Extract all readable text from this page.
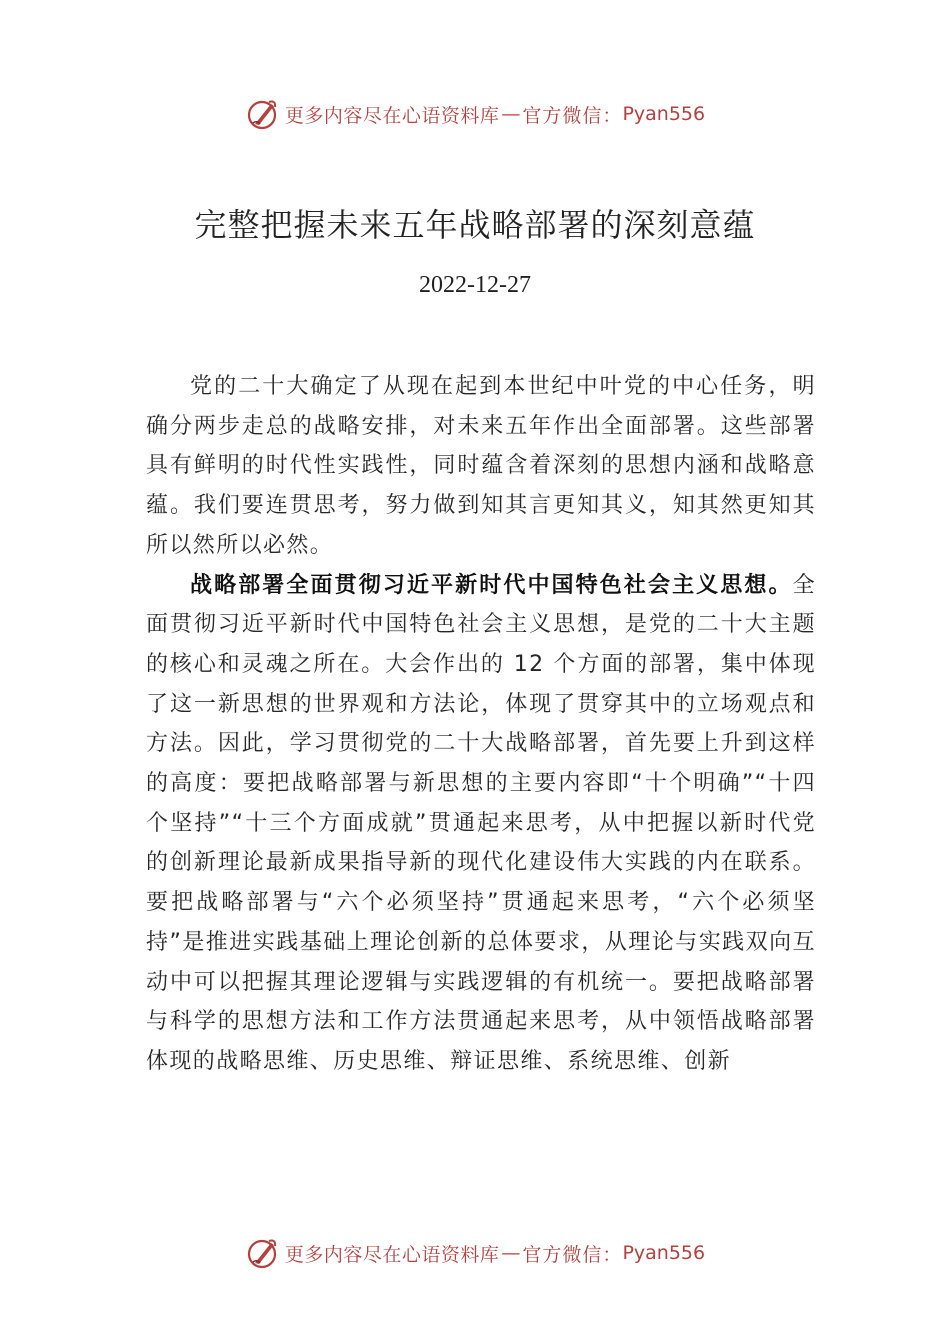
更多内容尽在心语资料库 — 官方微信： Pyan556
完整把握未来五年战略部署的深刻意蕴
2022-12-27

党的二十大确定了从现在起到本世纪中叶党的中心任务，明确分两步走总的战略安排，对未来五年作出全面部署。这些部署具有鲜明的时代性实践性，同时蕴含着深刻的思想内涵和战略意蕴。我们要连贯思考，努力做到知其言更知其义，知其然更知其所以然所以必然。

战略部署全面贯彻习近平新时代中国特色社会主义思想。全面贯彻习近平新时代中国特色社会主义思想，是党的二十大主题的核心和灵魂之所在。大会作出的 12 个方面的部署，集中体现了这一新思想的世界观和方法论，体现了贯穿其中的立场观点和方法。因此，学习贯彻党的二十大战略部署，首先要上升到这样的高度：要把战略部署与新思想的主要内容即“十个明确”“十四个坚持”“十三个方面成就”贯通起来思考，从中把握以新时代党的创新理论最新成果指导新的现代化建设伟大实践的内在联系。要把战略部署与“六个必须坚持”贯通起来思考，“六个必须坚持”是推进实践基础上理论创新的总体要求，从理论与实践双向互动中可以把握其理论逻辑与实践逻辑的有机统一。要把战略部署与科学的思想方法和工作方法贯通起来思考，从中领悟战略部署体现的战略思维、历史思维、辩证思维、系统思维、创新

更多内容尽在心语资料库 — 官方微信： Pyan556
